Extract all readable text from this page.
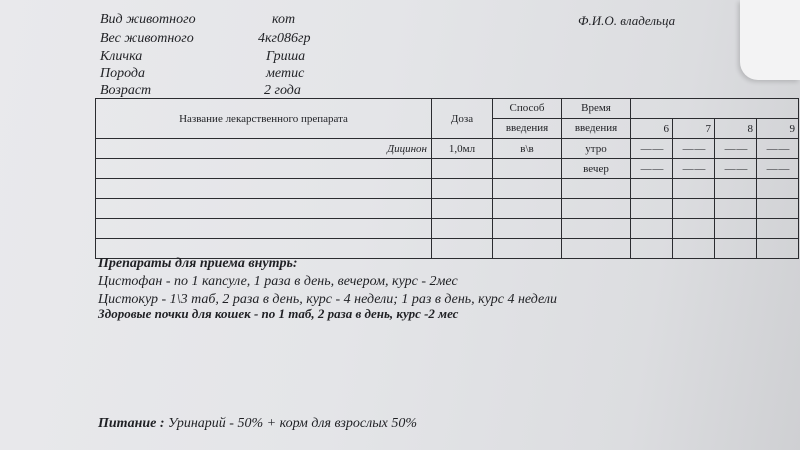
Вид животного	кот
Вес животного	4кг086гр
Кличка	Гриша
Порода	метис
Возраст	2 года
Ф.И.О. владельца
Название лекарственного препарата	Доза	Способ	Время				
		введения	введения	6	7	8	9
Дицинон	1,0мл	в\в	утро	— —	— —	— —	— —
			вечер	— —	— —	— —	— —

Препараты для приема внутрь:
Цистофан - по 1 капсуле, 1 раза в день, вечером, курс - 2мес
Цистокур - 1\3 таб, 2 раза в день, курс - 4 недели; 1 раз в день, курс 4 недели
Здоровые почки для кошек - по 1 таб, 2 раза в день, курс -2 мес
Питание : Уринарий - 50% + корм для взрослых 50%
